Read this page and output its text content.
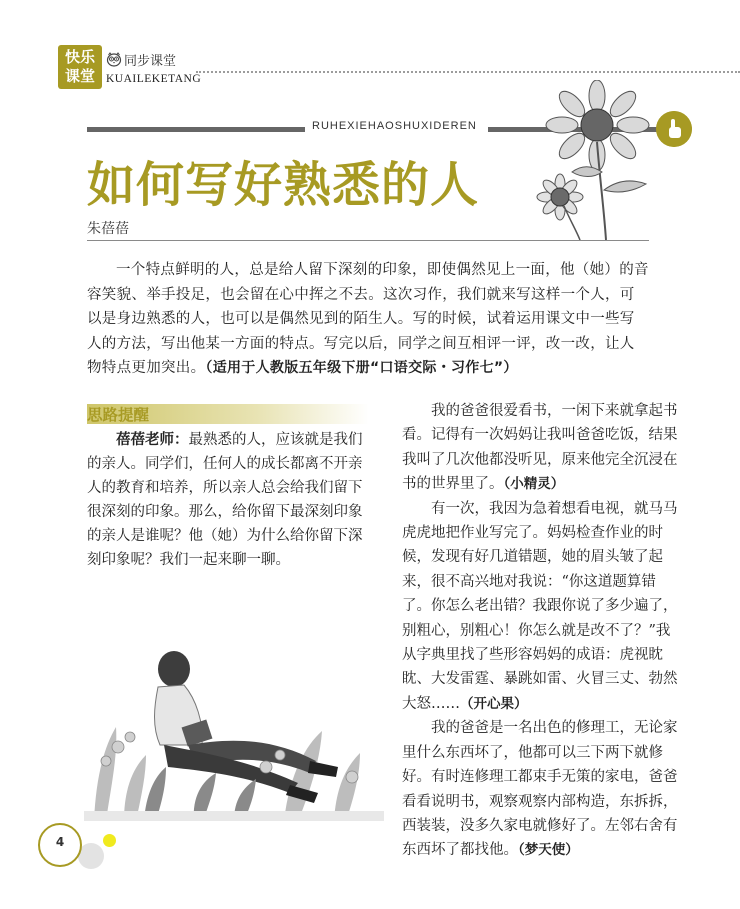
快乐
课堂
同步课堂
KUAILEKETANG
RUHEXIEHAOSHUXIDEREN
如何写好熟悉的人
朱蓓蓓
一个特点鲜明的人，总是给人留下深刻的印象，即使偶然见上一面，他（她）的音容笑貌、举手投足，也会留在心中挥之不去。这次习作，我们就来写这样一个人，可以是身边熟悉的人，也可以是偶然见到的陌生人。写的时候，试着运用课文中一些写人的方法，写出他某一方面的特点。写完以后，同学之间互相评一评，改一改，让人物特点更加突出。（适用于人教版五年级下册“口语交际・习作七”）
思路提醒
蓓蓓老师：最熟悉的人，应该就是我们的亲人。同学们，任何人的成长都离不开亲人的教育和培养，所以亲人总会给我们留下很深刻的印象。那么，给你留下最深刻印象的亲人是谁呢？他（她）为什么给你留下深刻印象呢？我们一起来聊一聊。

我的爸爸很爱看书，一闲下来就拿起书看。记得有一次妈妈让我叫爸爸吃饭，结果我叫了几次他都没听见，原来他完全沉浸在书的世界里了。（小精灵）

有一次，我因为急着想看电视，就马马虎虎地把作业写完了。妈妈检查作业的时候，发现有好几道错题，她的眉头皱了起来，很不高兴地对我说：“你这道题算错了。你怎么老出错？我跟你说了多少遍了，别粗心，别粗心！你怎么就是改不了？”我从字典里找了些形容妈妈的成语：虎视眈眈、大发雷霆、暴跳如雷、火冒三丈、勃然大怒……（开心果）

我的爸爸是一名出色的修理工，无论家里什么东西坏了，他都可以三下两下就修好。有时连修理工都束手无策的家电，爸爸看看说明书，观察观察内部构造，东拆拆，西装装，没多久家电就修好了。左邻右舍有东西坏了都找他。（梦天使）

4
